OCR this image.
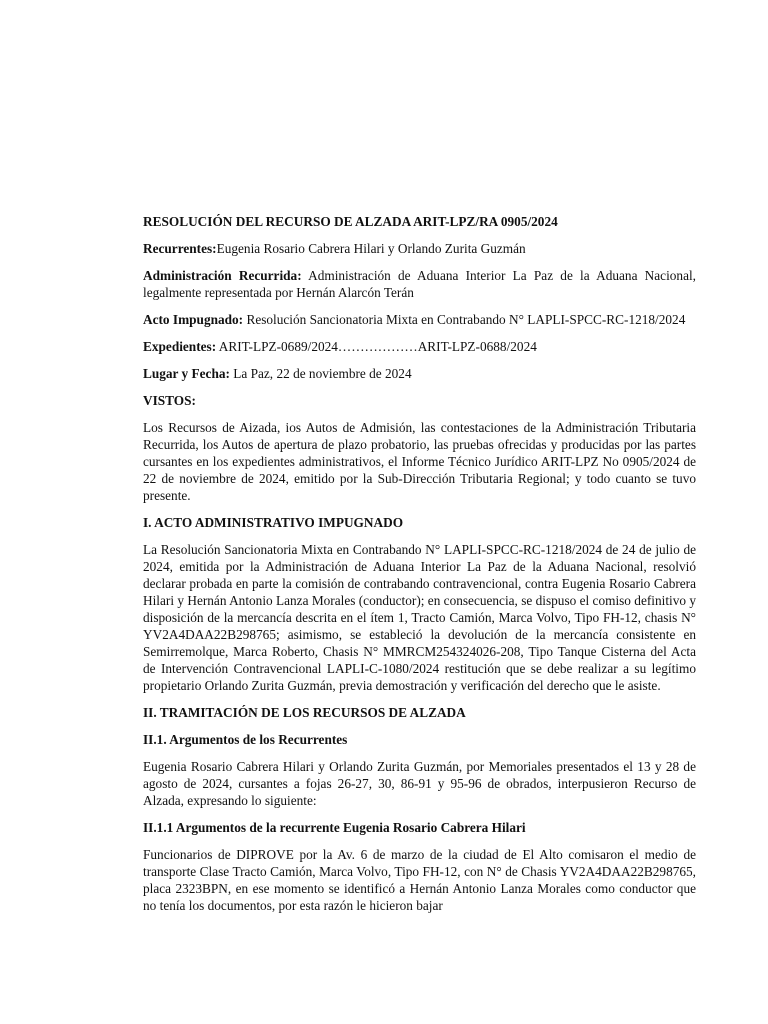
RESOLUCIÓN DEL RECURSO DE ALZADA ARIT-LPZ/RA 0905/2024

Recurrentes:Eugenia Rosario Cabrera Hilari y Orlando Zurita Guzmán

Administración Recurrida: Administración de Aduana Interior La Paz de la Aduana Nacional, legalmente representada por Hernán Alarcón Terán

Acto Impugnado: Resolución Sancionatoria Mixta en Contrabando N° LAPLI-SPCC-RC-1218/2024

Expedientes: ARIT-LPZ-0689/2024………………ARIT-LPZ-0688/2024

Lugar y Fecha: La Paz, 22 de noviembre de 2024

VISTOS:

Los Recursos de Aizada, ios Autos de Admisión, las contestaciones de la Administración Tributaria Recurrida, los Autos de apertura de plazo probatorio, las pruebas ofrecidas y producidas por las partes cursantes en los expedientes administrativos, el Informe Técnico Jurídico ARIT-LPZ No 0905/2024 de 22 de noviembre de 2024, emitido por la Sub-Dirección Tributaria Regional; y todo cuanto se tuvo presente.

I. ACTO ADMINISTRATIVO IMPUGNADO

La Resolución Sancionatoria Mixta en Contrabando N° LAPLI-SPCC-RC-1218/2024 de 24 de julio de 2024, emitida por la Administración de Aduana Interior La Paz de la Aduana Nacional, resolvió declarar probada en parte la comisión de contrabando contravencional, contra Eugenia Rosario Cabrera Hilari y Hernán Antonio Lanza Morales (conductor); en consecuencia, se dispuso el comiso definitivo y disposición de la mercancía descrita en el ítem 1, Tracto Camión, Marca Volvo, Tipo FH-12, chasis N° YV2A4DAA22B298765; asimismo, se estableció la devolución de la mercancía consistente en Semirremolque, Marca Roberto, Chasis N° MMRCM254324026-208, Tipo Tanque Cisterna del Acta de Intervención Contravencional LAPLI-C-1080/2024 restitución que se debe realizar a su legítimo propietario Orlando Zurita Guzmán, previa demostración y verificación del derecho que le asiste.

II. TRAMITACIÓN DE LOS RECURSOS DE ALZADA

II.1. Argumentos de los Recurrentes

Eugenia Rosario Cabrera Hilari y Orlando Zurita Guzmán, por Memoriales presentados el 13 y 28 de agosto de 2024, cursantes a fojas 26-27, 30, 86-91 y 95-96 de obrados, interpusieron Recurso de Alzada, expresando lo siguiente:

II.1.1 Argumentos de la recurrente Eugenia Rosario Cabrera Hilari

Funcionarios de DIPROVE por la Av. 6 de marzo de la ciudad de El Alto comisaron el medio de transporte Clase Tracto Camión, Marca Volvo, Tipo FH-12, con N° de Chasis YV2A4DAA22B298765, placa 2323BPN, en ese momento se identificó a Hernán Antonio Lanza Morales como conductor que no tenía los documentos, por esta razón le hicieron bajar
